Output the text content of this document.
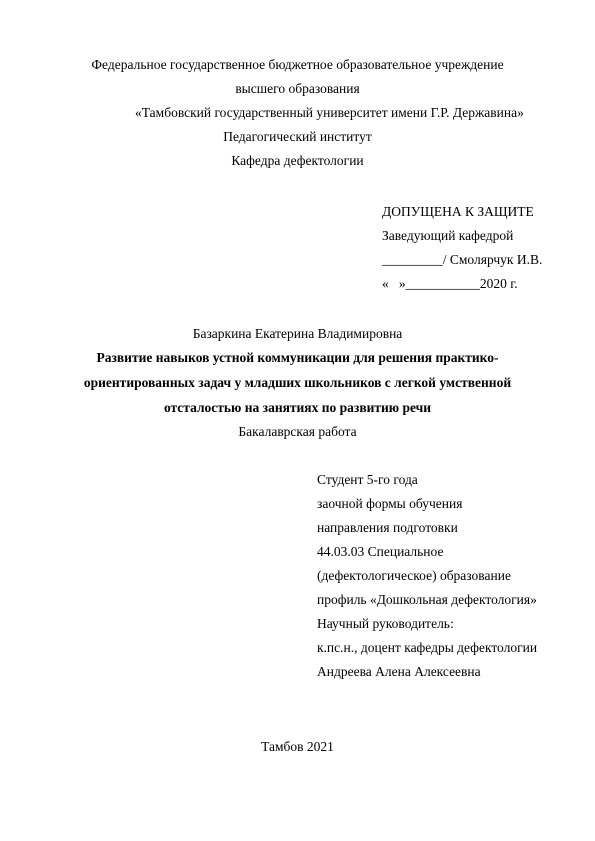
Федеральное государственное бюджетное образовательное учреждение
высшего образования
«Тамбовский государственный университет имени Г.Р. Державина»
Педагогический институт
Кафедра дефектологии
ДОПУЩЕНА К ЗАЩИТЕ
Заведующий кафедрой
_________/ Смолярчук И.В.
«   »___________2020 г.
Базаркина Екатерина Владимировна
Развитие навыков устной коммуникации для решения практико-
ориентированных задач у младших школьников с легкой умственной
отсталостью на занятиях по развитию речи
Бакалаврская работа
Студент 5-го года
заочной формы обучения
направления подготовки
44.03.03 Специальное
(дефектологическое) образование
профиль «Дошкольная дефектология»
Научный руководитель:
к.пс.н., доцент кафедры дефектологии
Андреева Алена Алексеевна
Тамбов 2021
